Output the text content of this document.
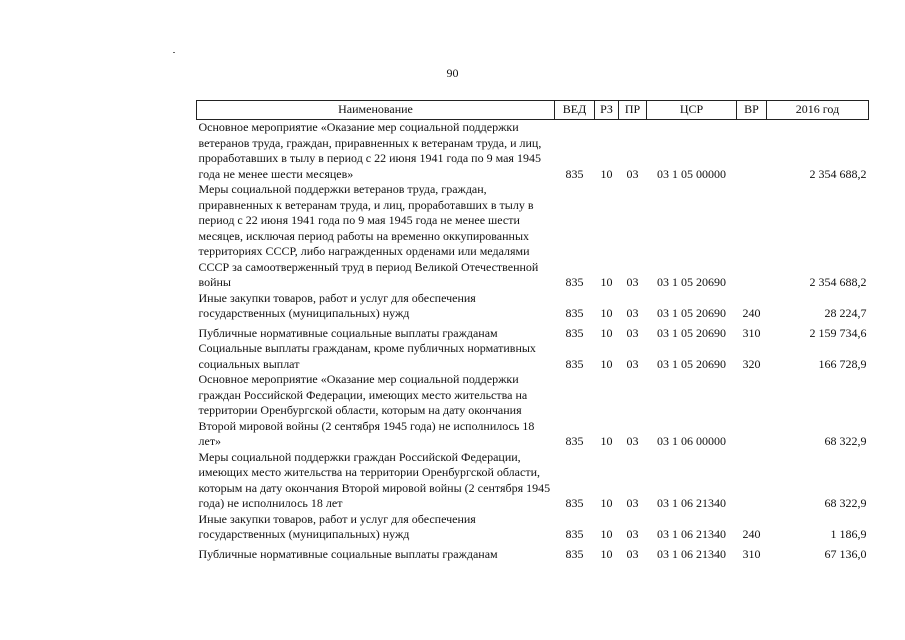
90
Наименование	ВЕД	РЗ	ПР	ЦСР	ВР	2016 год
Основное мероприятие «Оказание мер социальной поддержки ветеранов труда, граждан, приравненных к ветеранам труда, и лиц, проработавших в тылу в период с 22 июня 1941 года по 9 мая 1945 года не менее шести месяцев»	835	10	03	03 1 05 00000		2 354 688,2
Меры социальной поддержки ветеранов труда, граждан, приравненных к ветеранам труда, и лиц, проработавших в тылу в период с 22 июня 1941 года по 9 мая 1945 года не менее шести месяцев, исключая период работы на временно оккупированных территориях СССР, либо награжденных орденами или медалями СССР за самоотверженный труд в период Великой Отечественной войны	835	10	03	03 1 05 20690		2 354 688,2
Иные закупки товаров, работ и услуг для обеспечения государственных (муниципальных) нужд	835	10	03	03 1 05 20690	240	28 224,7
Публичные нормативные социальные выплаты гражданам	835	10	03	03 1 05 20690	310	2 159 734,6
Социальные выплаты гражданам, кроме публичных нормативных социальных выплат	835	10	03	03 1 05 20690	320	166 728,9
Основное мероприятие «Оказание мер социальной поддержки граждан Российской Федерации, имеющих место жительства на территории Оренбургской области, которым на дату окончания Второй мировой войны (2 сентября 1945 года) не исполнилось 18 лет»	835	10	03	03 1 06 00000		68 322,9
Меры социальной поддержки граждан Российской Федерации, имеющих место жительства на территории Оренбургской области, которым на дату окончания Второй мировой войны (2 сентября 1945 года) не исполнилось 18 лет	835	10	03	03 1 06 21340		68 322,9
Иные закупки товаров, работ и услуг для обеспечения государственных (муниципальных) нужд	835	10	03	03 1 06 21340	240	1 186,9
Публичные нормативные социальные выплаты гражданам	835	10	03	03 1 06 21340	310	67 136,0
